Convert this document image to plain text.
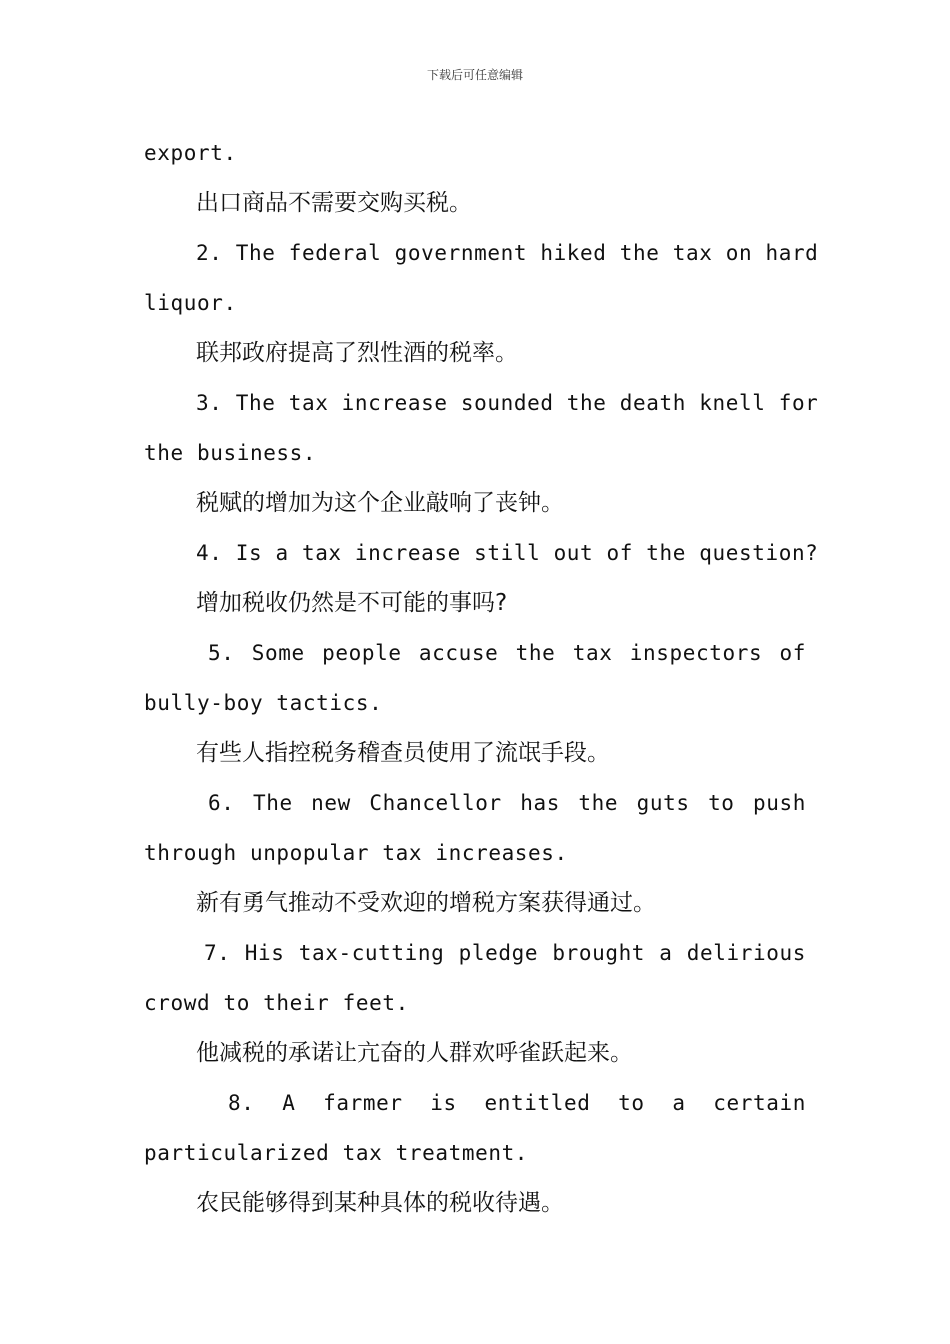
下载后可任意编辑
export.
出口商品不需要交购买税。
2. The federal government hiked the tax on hard
liquor.
联邦政府提高了烈性酒的税率。
3. The tax increase sounded the death knell for
the business.
税赋的增加为这个企业敲响了丧钟。
4. Is a tax increase still out of the question?
增加税收仍然是不可能的事吗?
5. Some people accuse the tax inspectors of
bully-boy tactics.
有些人指控税务稽查员使用了流氓手段。
6. The new Chancellor has the guts to push
through unpopular tax increases.
新有勇气推动不受欢迎的增税方案获得通过。
7. His tax-cutting pledge brought a delirious
crowd to their feet.
他减税的承诺让亢奋的人群欢呼雀跃起来。
8. A farmer is entitled to a certain
particularized tax treatment.
农民能够得到某种具体的税收待遇。
